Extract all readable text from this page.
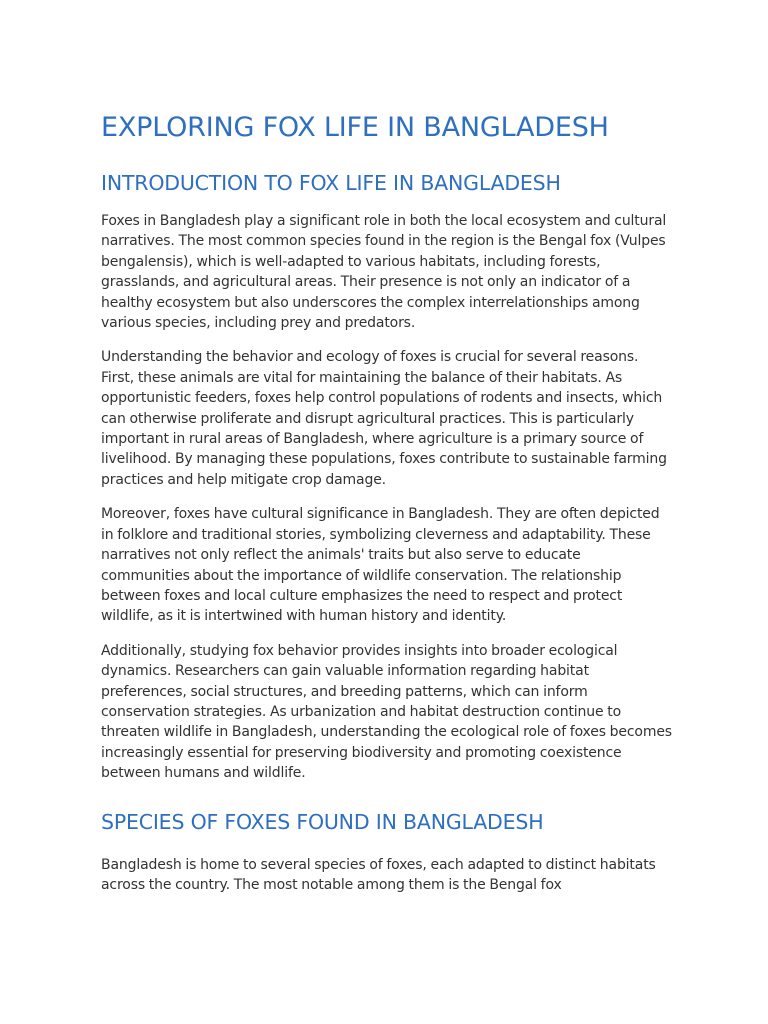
EXPLORING FOX LIFE IN BANGLADESH
INTRODUCTION TO FOX LIFE IN BANGLADESH

Foxes in Bangladesh play a significant role in both the local ecosystem and cultural narratives. The most common species found in the region is the Bengal fox (Vulpes bengalensis), which is well-adapted to various habitats, including forests, grasslands, and agricultural areas. Their presence is not only an indicator of a healthy ecosystem but also underscores the complex interrelationships among various species, including prey and predators.

Understanding the behavior and ecology of foxes is crucial for several reasons. First, these animals are vital for maintaining the balance of their habitats. As opportunistic feeders, foxes help control populations of rodents and insects, which can otherwise proliferate and disrupt agricultural practices. This is particularly important in rural areas of Bangladesh, where agriculture is a primary source of livelihood. By managing these populations, foxes contribute to sustainable farming practices and help mitigate crop damage.

Moreover, foxes have cultural significance in Bangladesh. They are often depicted in folklore and traditional stories, symbolizing cleverness and adaptability. These narratives not only reflect the animals' traits but also serve to educate communities about the importance of wildlife conservation. The relationship between foxes and local culture emphasizes the need to respect and protect wildlife, as it is intertwined with human history and identity.

Additionally, studying fox behavior provides insights into broader ecological dynamics. Researchers can gain valuable information regarding habitat preferences, social structures, and breeding patterns, which can inform conservation strategies. As urbanization and habitat destruction continue to threaten wildlife in Bangladesh, understanding the ecological role of foxes becomes increasingly essential for preserving biodiversity and promoting coexistence between humans and wildlife.

SPECIES OF FOXES FOUND IN BANGLADESH

Bangladesh is home to several species of foxes, each adapted to distinct habitats across the country. The most notable among them is the Bengal fox
